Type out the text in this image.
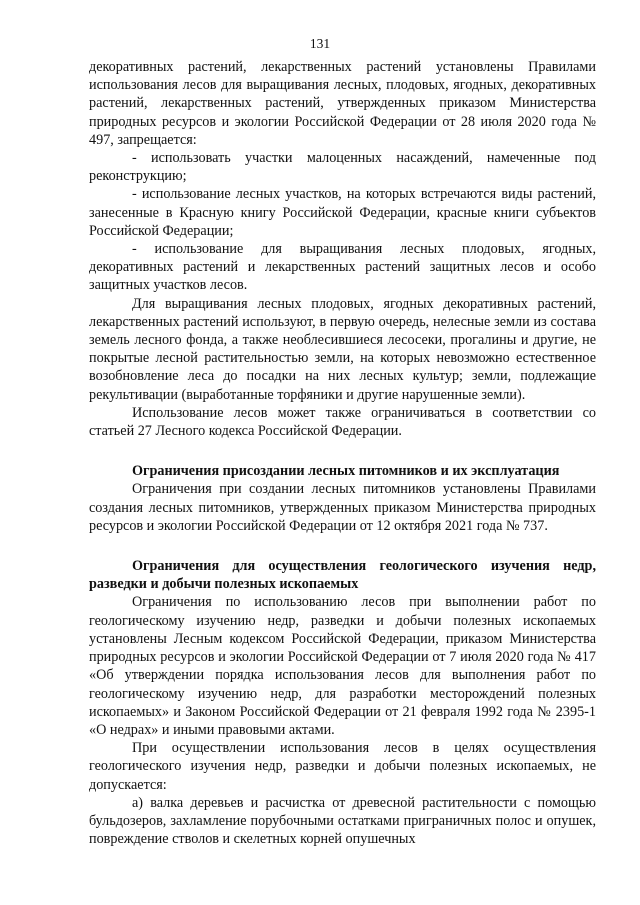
131

декоративных растений, лекарственных растений установлены Правилами использования лесов для выращивания лесных, плодовых, ягодных, декоративных растений, лекарственных растений, утвержденных приказом Министерства природных ресурсов и экологии Российской Федерации от 28 июля 2020 года № 497, запрещается:

- использовать участки малоценных насаждений, намеченные под реконструкцию;

- использование лесных участков, на которых встречаются виды растений, занесенные в Красную книгу Российской Федерации, красные книги субъектов Российской Федерации;

- использование для выращивания лесных плодовых, ягодных, декоративных растений и лекарственных растений защитных лесов и особо защитных участков лесов.

Для выращивания лесных плодовых, ягодных декоративных растений, лекарственных растений используют, в первую очередь, нелесные земли из состава земель лесного фонда, а также необлесившиеся лесосеки, прогалины и другие, не покрытые лесной растительностью земли, на которых невозможно естественное возобновление леса до посадки на них лесных культур; земли, подлежащие рекультивации (выработанные торфяники и другие нарушенные земли).

Использование лесов может также ограничиваться в соответствии со статьей 27 Лесного кодекса Российской Федерации.

Ограничения присоздании лесных питомников и их эксплуатация

Ограничения при создании лесных питомников установлены Правилами создания лесных питомников, утвержденных приказом Министерства природных ресурсов и экологии Российской Федерации от 12 октября 2021 года № 737.

Ограничения для осуществления геологического изучения недр, разведки и добычи полезных ископаемых

Ограничения по использованию лесов при выполнении работ по геологическому изучению недр, разведки и добычи полезных ископаемых установлены Лесным кодексом Российской Федерации, приказом Министерства природных ресурсов и экологии Российской Федерации от 7 июля 2020 года № 417 «Об утверждении порядка использования лесов для выполнения работ по геологическому изучению недр, для разработки месторождений полезных ископаемых» и Законом Российской Федерации от 21 февраля 1992 года № 2395-1 «О недрах» и иными правовыми актами.

При осуществлении использования лесов в целях осуществления геологического изучения недр, разведки и добычи полезных ископаемых, не допускается:

а) валка деревьев и расчистка от древесной растительности с помощью бульдозеров, захламление порубочными остатками приграничных полос и опушек, повреждение стволов и скелетных корней опушечных
